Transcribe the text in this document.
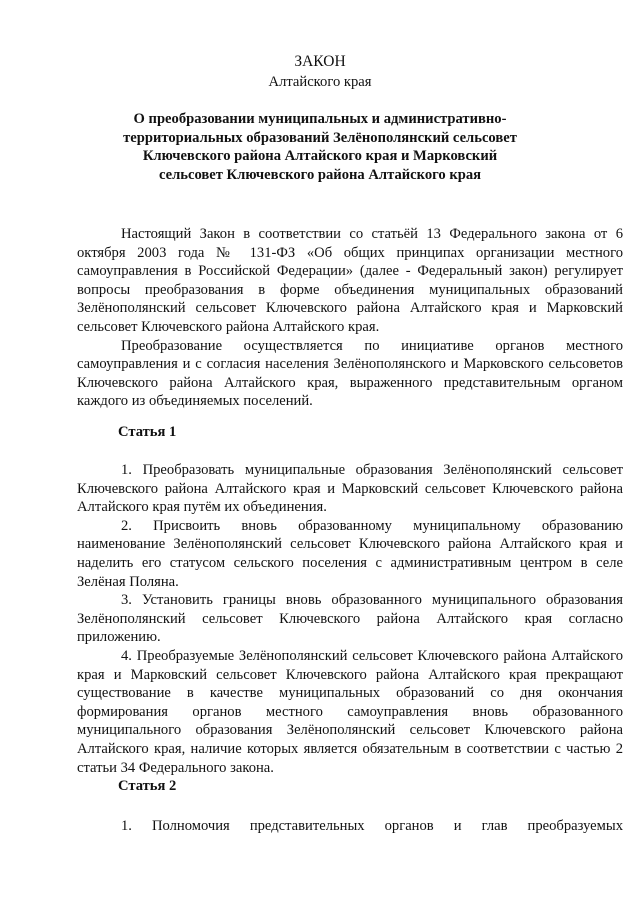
ЗАКОН
Алтайского края
О преобразовании муниципальных и административно-территориальных образований Зелёнополянский сельсовет Ключевского района Алтайского края и Марковский сельсовет Ключевского района Алтайского края

Настоящий Закон в соответствии со статьёй 13 Федерального закона от 6 октября 2003 года № 131-ФЗ «Об общих принципах организации местного самоуправления в Российской Федерации» (далее - Федеральный закон) регулирует вопросы преобразования в форме объединения муниципальных образований Зелёнополянский сельсовет Ключевского района Алтайского края и Марковский сельсовет Ключевского района Алтайского края.

Преобразование осуществляется по инициативе органов местного самоуправления и с согласия населения Зелёнополянского и Марковского сельсоветов Ключевского района Алтайского края, выраженного представительным органом каждого из объединяемых поселений.

Статья 1

1. Преобразовать муниципальные образования Зелёнополянский сельсовет Ключевского района Алтайского края и Марковский сельсовет Ключевского района Алтайского края путём их объединения.

2. Присвоить вновь образованному муниципальному образованию наименование Зелёнополянский сельсовет Ключевского района Алтайского края и наделить его статусом сельского поселения с административным центром в селе Зелёная Поляна.

3. Установить границы вновь образованного муниципального образования Зелёнополянский сельсовет Ключевского района Алтайского края согласно приложению.

4. Преобразуемые Зелёнополянский сельсовет Ключевского района Алтайского края и Марковский сельсовет Ключевского района Алтайского края прекращают существование в качестве муниципальных образований со дня окончания формирования органов местного самоуправления вновь образованного муниципального образования Зелёнополянский сельсовет Ключевского района Алтайского края, наличие которых является обязательным в соответствии с частью 2 статьи 34 Федерального закона.

Статья 2

1. Полномочия представительных органов и глав преобразуемых
